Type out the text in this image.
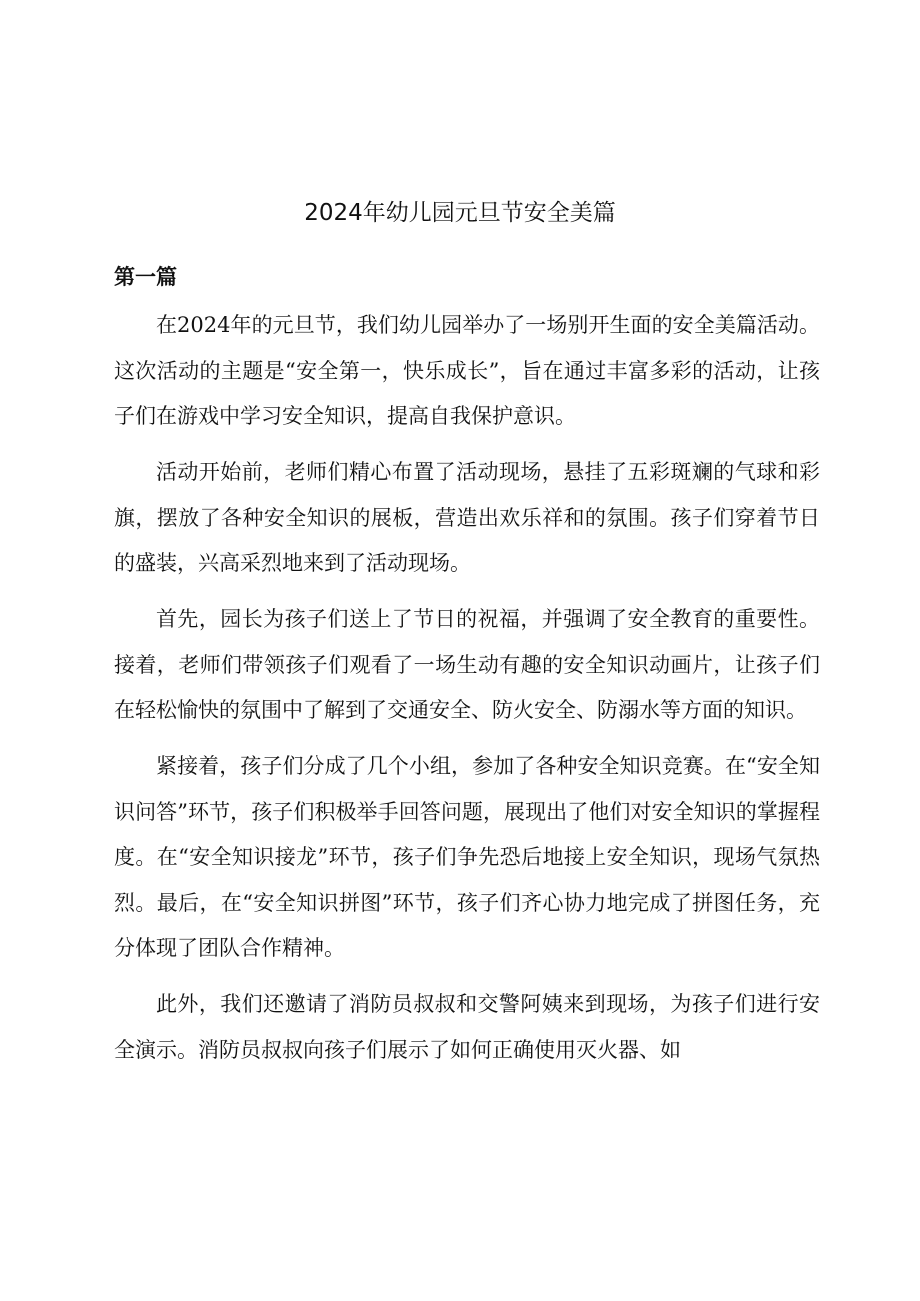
2024年幼儿园元旦节安全美篇
第一篇

在2024年的元旦节，我们幼儿园举办了一场别开生面的安全美篇活动。这次活动的主题是“安全第一，快乐成长”，旨在通过丰富多彩的活动，让孩子们在游戏中学习安全知识，提高自我保护意识。

活动开始前，老师们精心布置了活动现场，悬挂了五彩斑斓的气球和彩旗，摆放了各种安全知识的展板，营造出欢乐祥和的氛围。孩子们穿着节日的盛装，兴高采烈地来到了活动现场。

首先，园长为孩子们送上了节日的祝福，并强调了安全教育的重要性。接着，老师们带领孩子们观看了一场生动有趣的安全知识动画片，让孩子们在轻松愉快的氛围中了解到了交通安全、防火安全、防溺水等方面的知识。

紧接着，孩子们分成了几个小组，参加了各种安全知识竞赛。在“安全知识问答”环节，孩子们积极举手回答问题，展现出了他们对安全知识的掌握程度。在“安全知识接龙”环节，孩子们争先恐后地接上安全知识，现场气氛热烈。最后，在“安全知识拼图”环节，孩子们齐心协力地完成了拼图任务，充分体现了团队合作精神。

此外，我们还邀请了消防员叔叔和交警阿姨来到现场，为孩子们进行安全演示。消防员叔叔向孩子们展示了如何正确使用灭火器、如
